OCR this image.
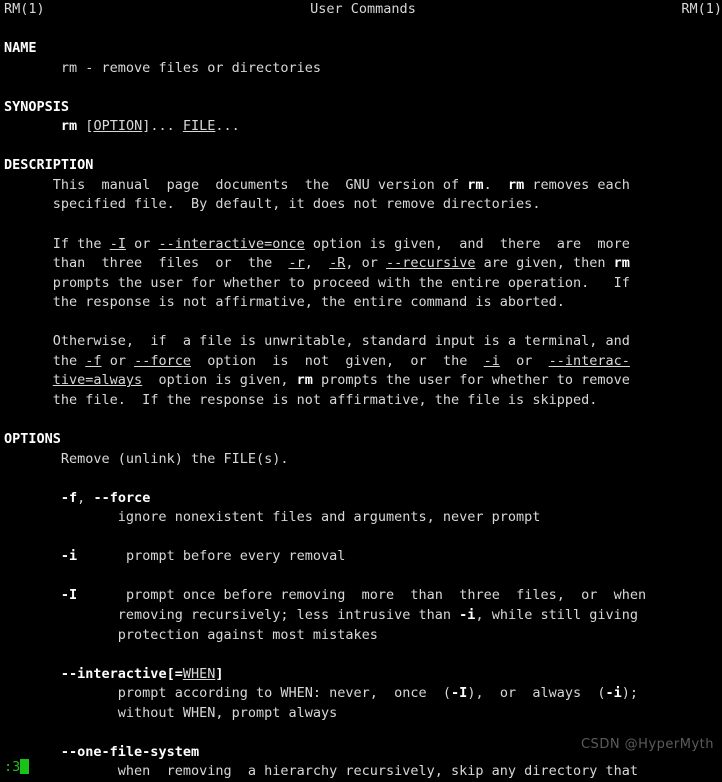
RM(1)	User Commands	RM(1)
NAME
rm - remove files or directories
SYNOPSIS
rm [OPTION]... FILE...
DESCRIPTION
This  manual  page  documents  the  GNU version of rm.  rm removes each
specified file.  By default, it does not remove directories.
If the -I or --interactive=once option is given,  and  there  are  more
than  three  files  or  the  -r,  -R, or --recursive are given, then rm
prompts the user for whether to proceed with the entire operation.   If
the response is not affirmative, the entire command is aborted.
Otherwise,  if  a file is unwritable, standard input is a terminal, and
the -f or --force  option  is  not  given,  or  the  -i  or  --interac-
tive=always  option is given, rm prompts the user for whether to remove
the file.  If the response is not affirmative, the file is skipped.
OPTIONS
Remove (unlink) the FILE(s).
-f, --force
ignore nonexistent files and arguments, never prompt
-i	prompt before every removal
-I	prompt once before removing  more  than  three  files,  or  when
removing recursively; less intrusive than -i, while still giving
protection against most mistakes
--interactive[=WHEN]
prompt according to WHEN: never,  once  (-I),  or  always  (-i);
without WHEN, prompt always
--one-file-system
when  removing  a hierarchy recursively, skip any directory that
CSDN @HyperMyth
:3
